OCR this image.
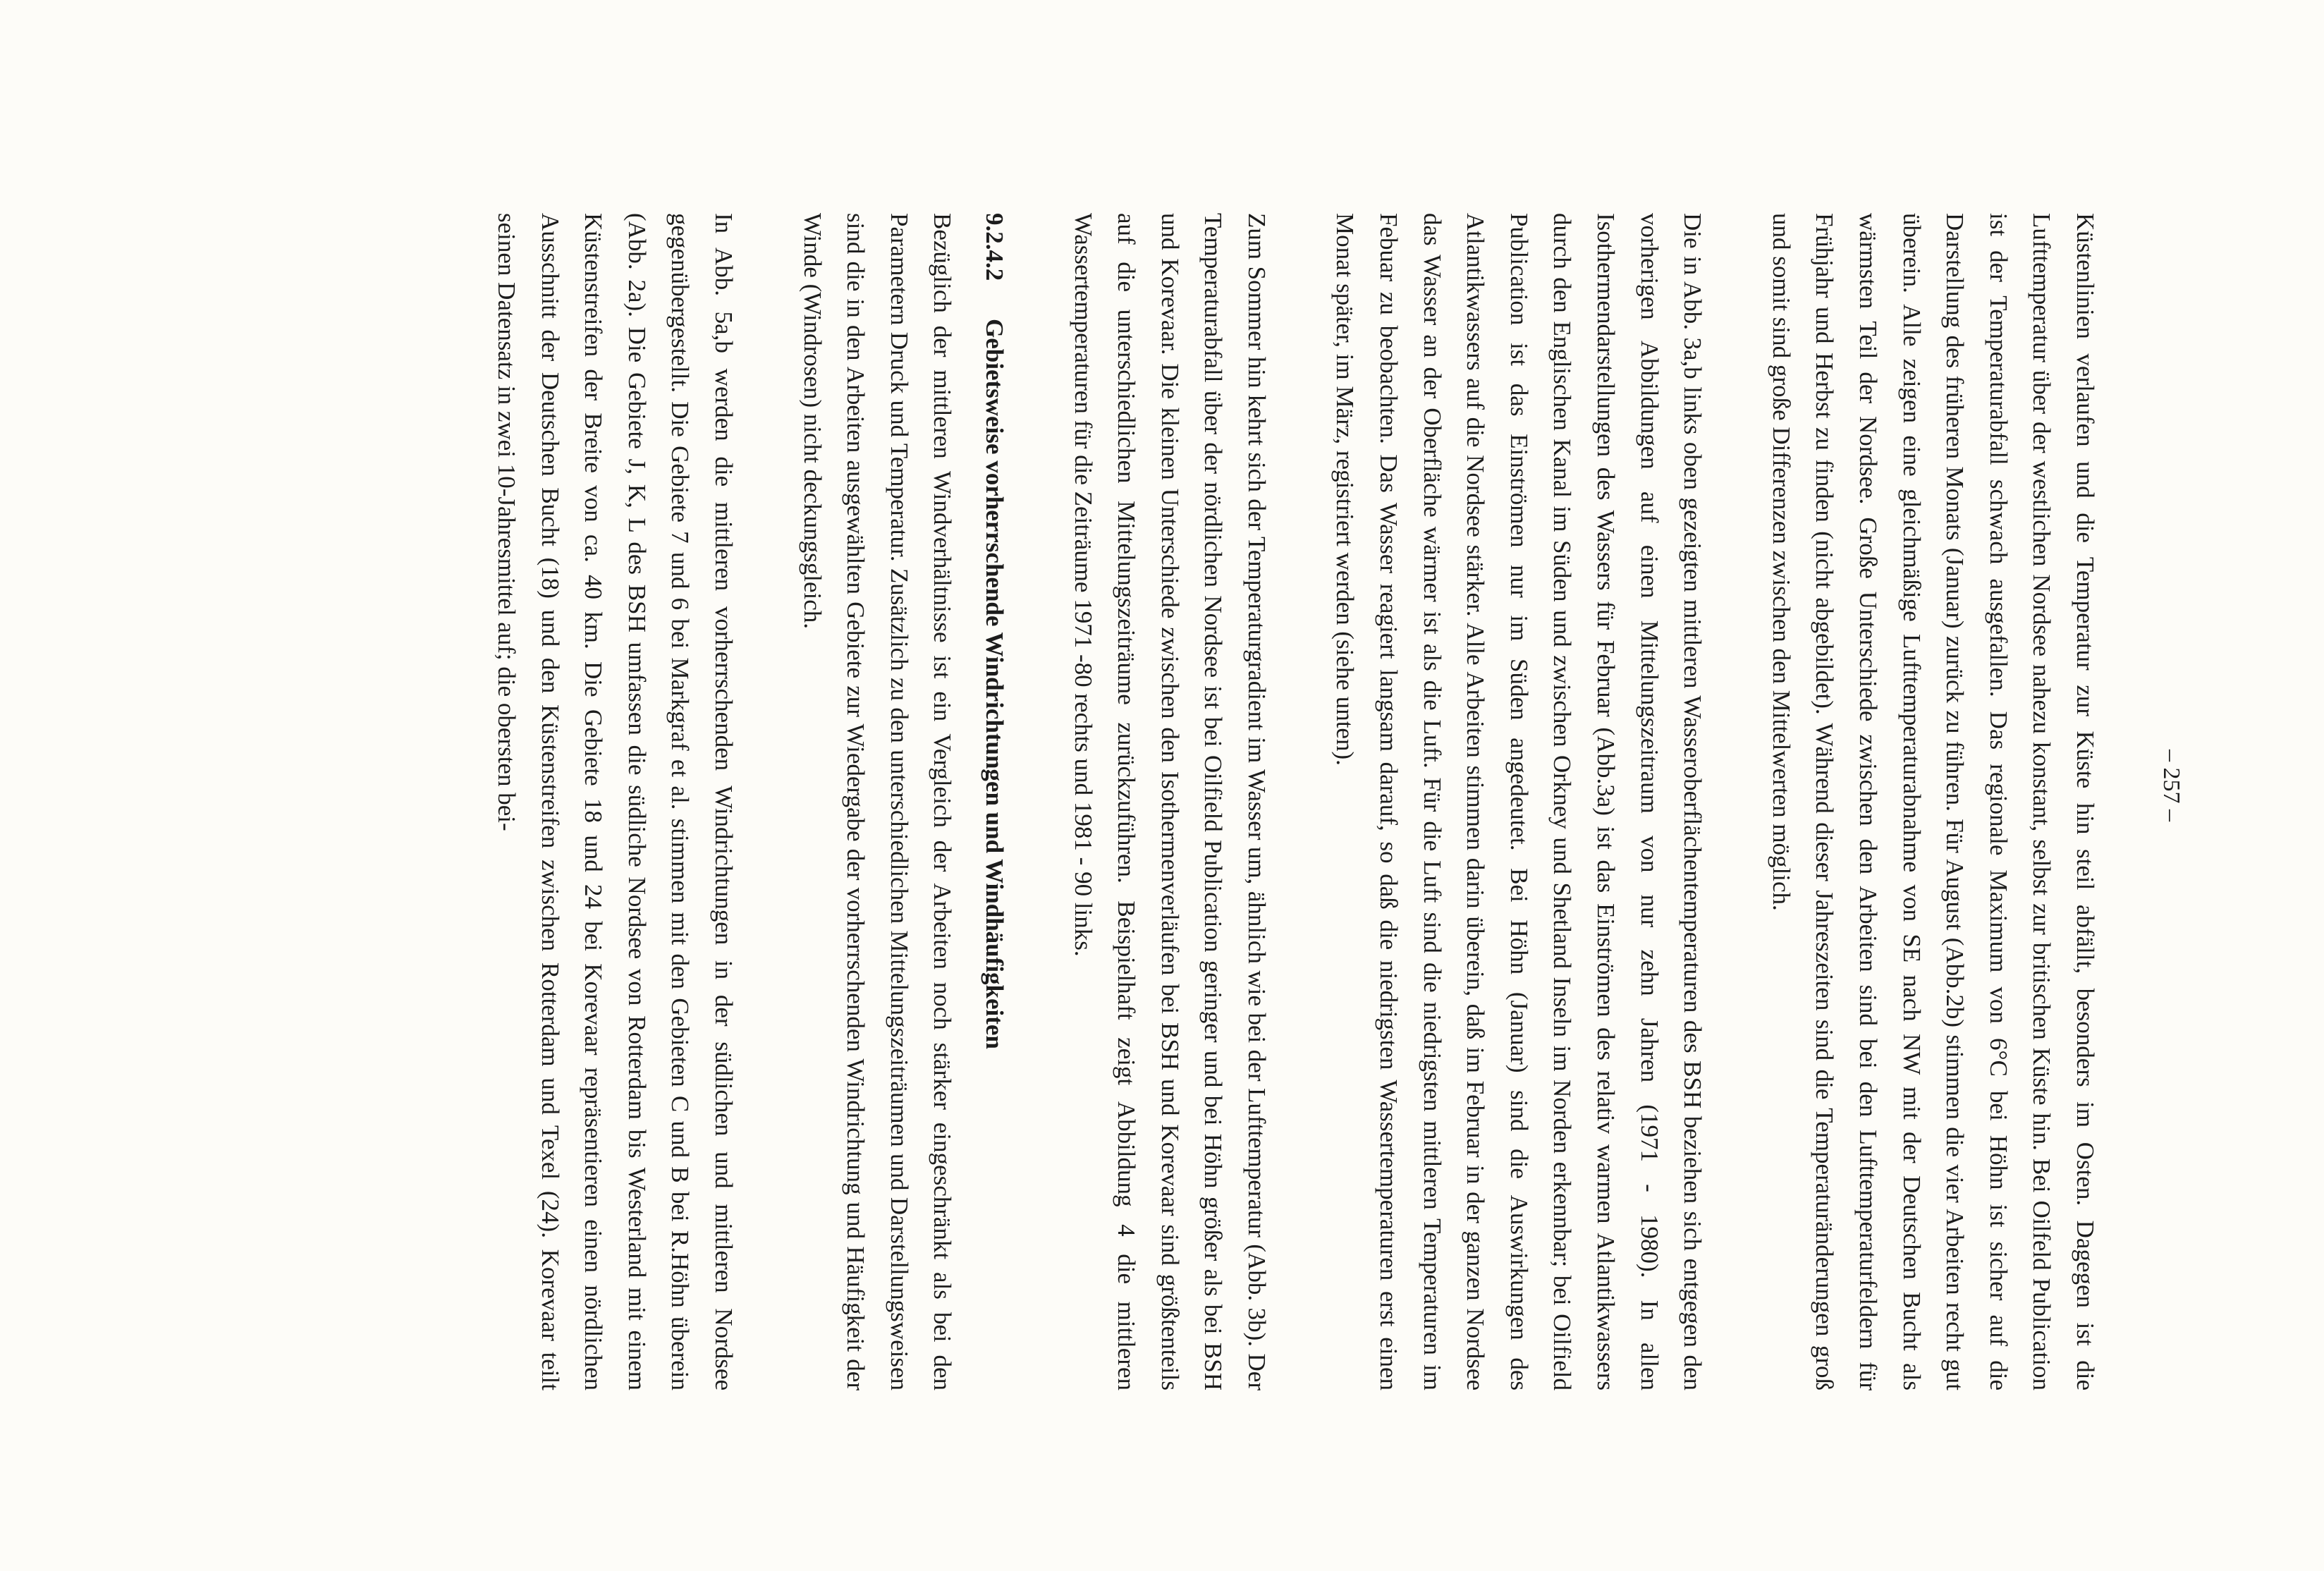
– 257 –

Küstenlinien verlaufen und die Temperatur zur Küste hin steil abfällt, besonders im Osten. Dagegen ist die Lufttemperatur über der westlichen Nordsee nahezu konstant, selbst zur britischen Küste hin. Bei Oilfeld Publication ist der Temperaturabfall schwach ausgefallen. Das regionale Maximum von 6°C bei Höhn ist sicher auf die Darstellung des früheren Monats (Januar) zurück zu führen. Für August (Abb.2b) stimmen die vier Arbeiten recht gut überein. Alle zeigen eine gleichmäßige Lufttemperaturabnahme von SE nach NW mit der Deutschen Bucht als wärmsten Teil der Nordsee. Große Unterschiede zwischen den Arbeiten sind bei den Lufttemperaturfeldern für Frühjahr und Herbst zu finden (nicht abgebildet). Während dieser Jahreszeiten sind die Temperaturänderungen groß und somit sind große Differenzen zwischen den Mittelwerten möglich.

Die in Abb. 3a,b links oben gezeigten mittleren Wasseroberflächentemperaturen des BSH beziehen sich entgegen den vorherigen Abbildungen auf einen Mittelungszeitraum von nur zehn Jahren (1971 - 1980). In allen Isothermendarstellungen des Wassers für Februar (Abb.3a) ist das Einströmen des relativ warmen Atlantikwassers durch den Englischen Kanal im Süden und zwischen Orkney und Shetland Inseln im Norden erkennbar; bei Oilfield Publication ist das Einströmen nur im Süden angedeutet. Bei Höhn (Januar) sind die Auswirkungen des Atlantikwassers auf die Nordsee stärker. Alle Arbeiten stimmen darin überein, daß im Februar in der ganzen Nordsee das Wasser an der Oberfläche wärmer ist als die Luft. Für die Luft sind die niedrigsten mittleren Temperaturen im Febuar zu beobachten. Das Wasser reagiert langsam darauf, so daß die niedrigsten Wassertemperaturen erst einen Monat später, im März, registriert werden (siehe unten).

Zum Sommer hin kehrt sich der Temperaturgradient im Wasser um, ähnlich wie bei der Lufttemperatur (Abb. 3b). Der Temperaturabfall über der nördlichen Nordsee ist bei Oilfield Publication geringer und bei Höhn größer als bei BSH und Korevaar. Die kleinen Unterschiede zwischen den Isothermenverläufen bei BSH und Korevaar sind größtenteils auf die unterschiedlichen Mittelungszeiträume zurückzuführen. Beispielhaft zeigt Abbildung 4 die mittleren Wassertemperaturen für die Zeiträume 1971 -80 rechts und 1981 - 90 links.

9.2.4.2
Gebietsweise vorherrschende Windrichtungen und Windhäufigkeiten

Bezüglich der mittleren Windverhältnisse ist ein Vergleich der Arbeiten noch stärker eingeschränkt als bei den Parametern Druck und Temperatur. Zusätzlich zu den unterschiedlichen Mittelungszeiträumen und Darstellungsweisen sind die in den Arbeiten ausgewählten Gebiete zur Wiedergabe der vorherrschenden Windrichtung und Häufigkeit der Winde (Windrosen) nicht deckungsgleich.

In Abb. 5a,b werden die mittleren vorherrschenden Windrichtungen in der südlichen und mittleren Nordsee gegenübergestellt. Die Gebiete 7 und 6 bei Markgraf et al. stimmen mit den Gebieten C und B bei R.Höhn überein (Abb. 2a). Die Gebiete J, K, L des BSH umfassen die südliche Nordsee von Rotterdam bis Westerland mit einem Küstenstreifen der Breite von ca. 40 km. Die Gebiete 18 und 24 bei Korevaar repräsentieren einen nördlichen Ausschnitt der Deutschen Bucht (18) und den Küstenstreifen zwischen Rotterdam und Texel (24). Korevaar teilt seinen Datensatz in zwei 10-Jahresmittel auf; die obersten bei-
